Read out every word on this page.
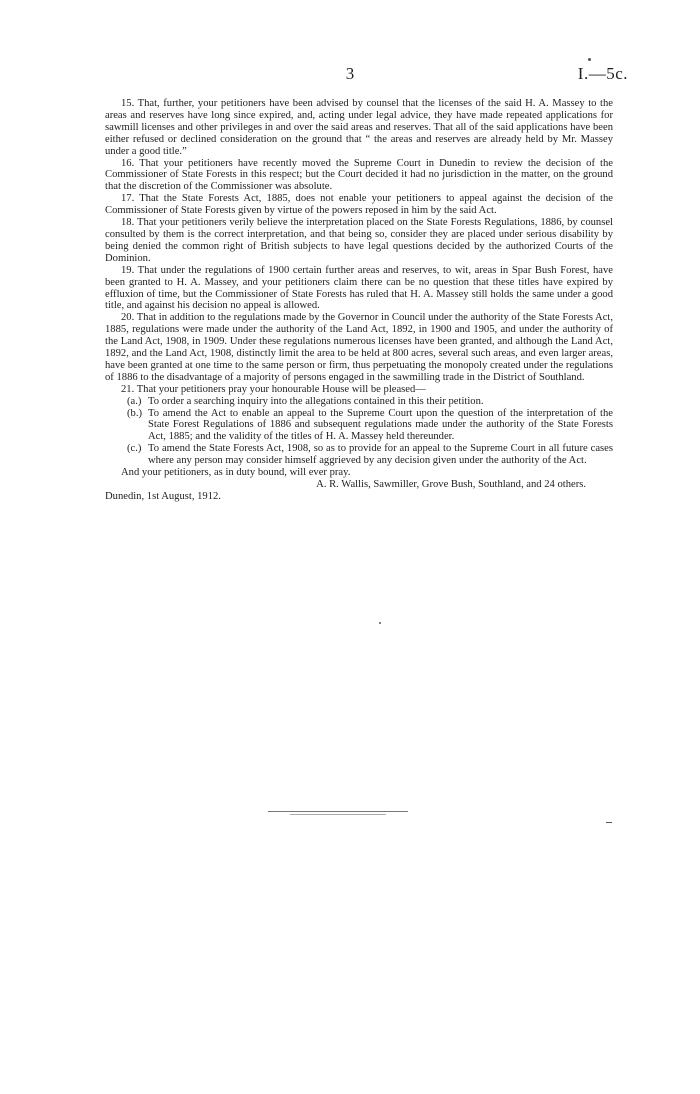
3	I.—5c.

15. That, further, your petitioners have been advised by counsel that the licenses of the said H. A. Massey to the areas and reserves have long since expired, and, acting under legal advice, they have made repeated applications for sawmill licenses and other privileges in and over the said areas and reserves. That all of the said applications have been either refused or declined consideration on the ground that “ the areas and reserves are already held by Mr. Massey under a good title.”

16. That your petitioners have recently moved the Supreme Court in Dunedin to review the decision of the Commissioner of State Forests in this respect; but the Court decided it had no jurisdiction in the matter, on the ground that the discretion of the Commissioner was absolute.

17. That the State Forests Act, 1885, does not enable your petitioners to appeal against the decision of the Commissioner of State Forests given by virtue of the powers reposed in him by the said Act.

18. That your petitioners verily believe the interpretation placed on the State Forests Regulations, 1886, by counsel consulted by them is the correct interpretation, and that being so, consider they are placed under serious disability by being denied the common right of British subjects to have legal questions decided by the authorized Courts of the Dominion.

19. That under the regulations of 1900 certain further areas and reserves, to wit, areas in Spar Bush Forest, have been granted to H. A. Massey, and your petitioners claim there can be no question that these titles have expired by effluxion of time, but the Commissioner of State Forests has ruled that H. A. Massey still holds the same under a good title, and against his decision no appeal is allowed.

20. That in addition to the regulations made by the Governor in Council under the authority of the State Forests Act, 1885, regulations were made under the authority of the Land Act, 1892, in 1900 and 1905, and under the authority of the Land Act, 1908, in 1909. Under these regulations numerous licenses have been granted, and although the Land Act, 1892, and the Land Act, 1908, distinctly limit the area to be held at 800 acres, several such areas, and even larger areas, have been granted at one time to the same person or firm, thus perpetuating the monopoly created under the regulations of 1886 to the disadvantage of a majority of persons engaged in the sawmilling trade in the District of Southland.

21. That your petitioners pray your honourable House will be pleased—

(a.) To order a searching inquiry into the allegations contained in this their petition.
(b.) To amend the Act to enable an appeal to the Supreme Court upon the question of the interpretation of the State Forest Regulations of 1886 and subsequent regulations made under the authority of the State Forests Act, 1885; and the validity of the titles of H. A. Massey held thereunder.
(c.) To amend the State Forests Act, 1908, so as to provide for an appeal to the Supreme Court in all future cases where any person may consider himself aggrieved by any decision given under the authority of the Act.

And your petitioners, as in duty bound, will ever pray.

A. R. Wallis, Sawmiller, Grove Bush, Southland, and 24 others.

Dunedin, 1st August, 1912.
